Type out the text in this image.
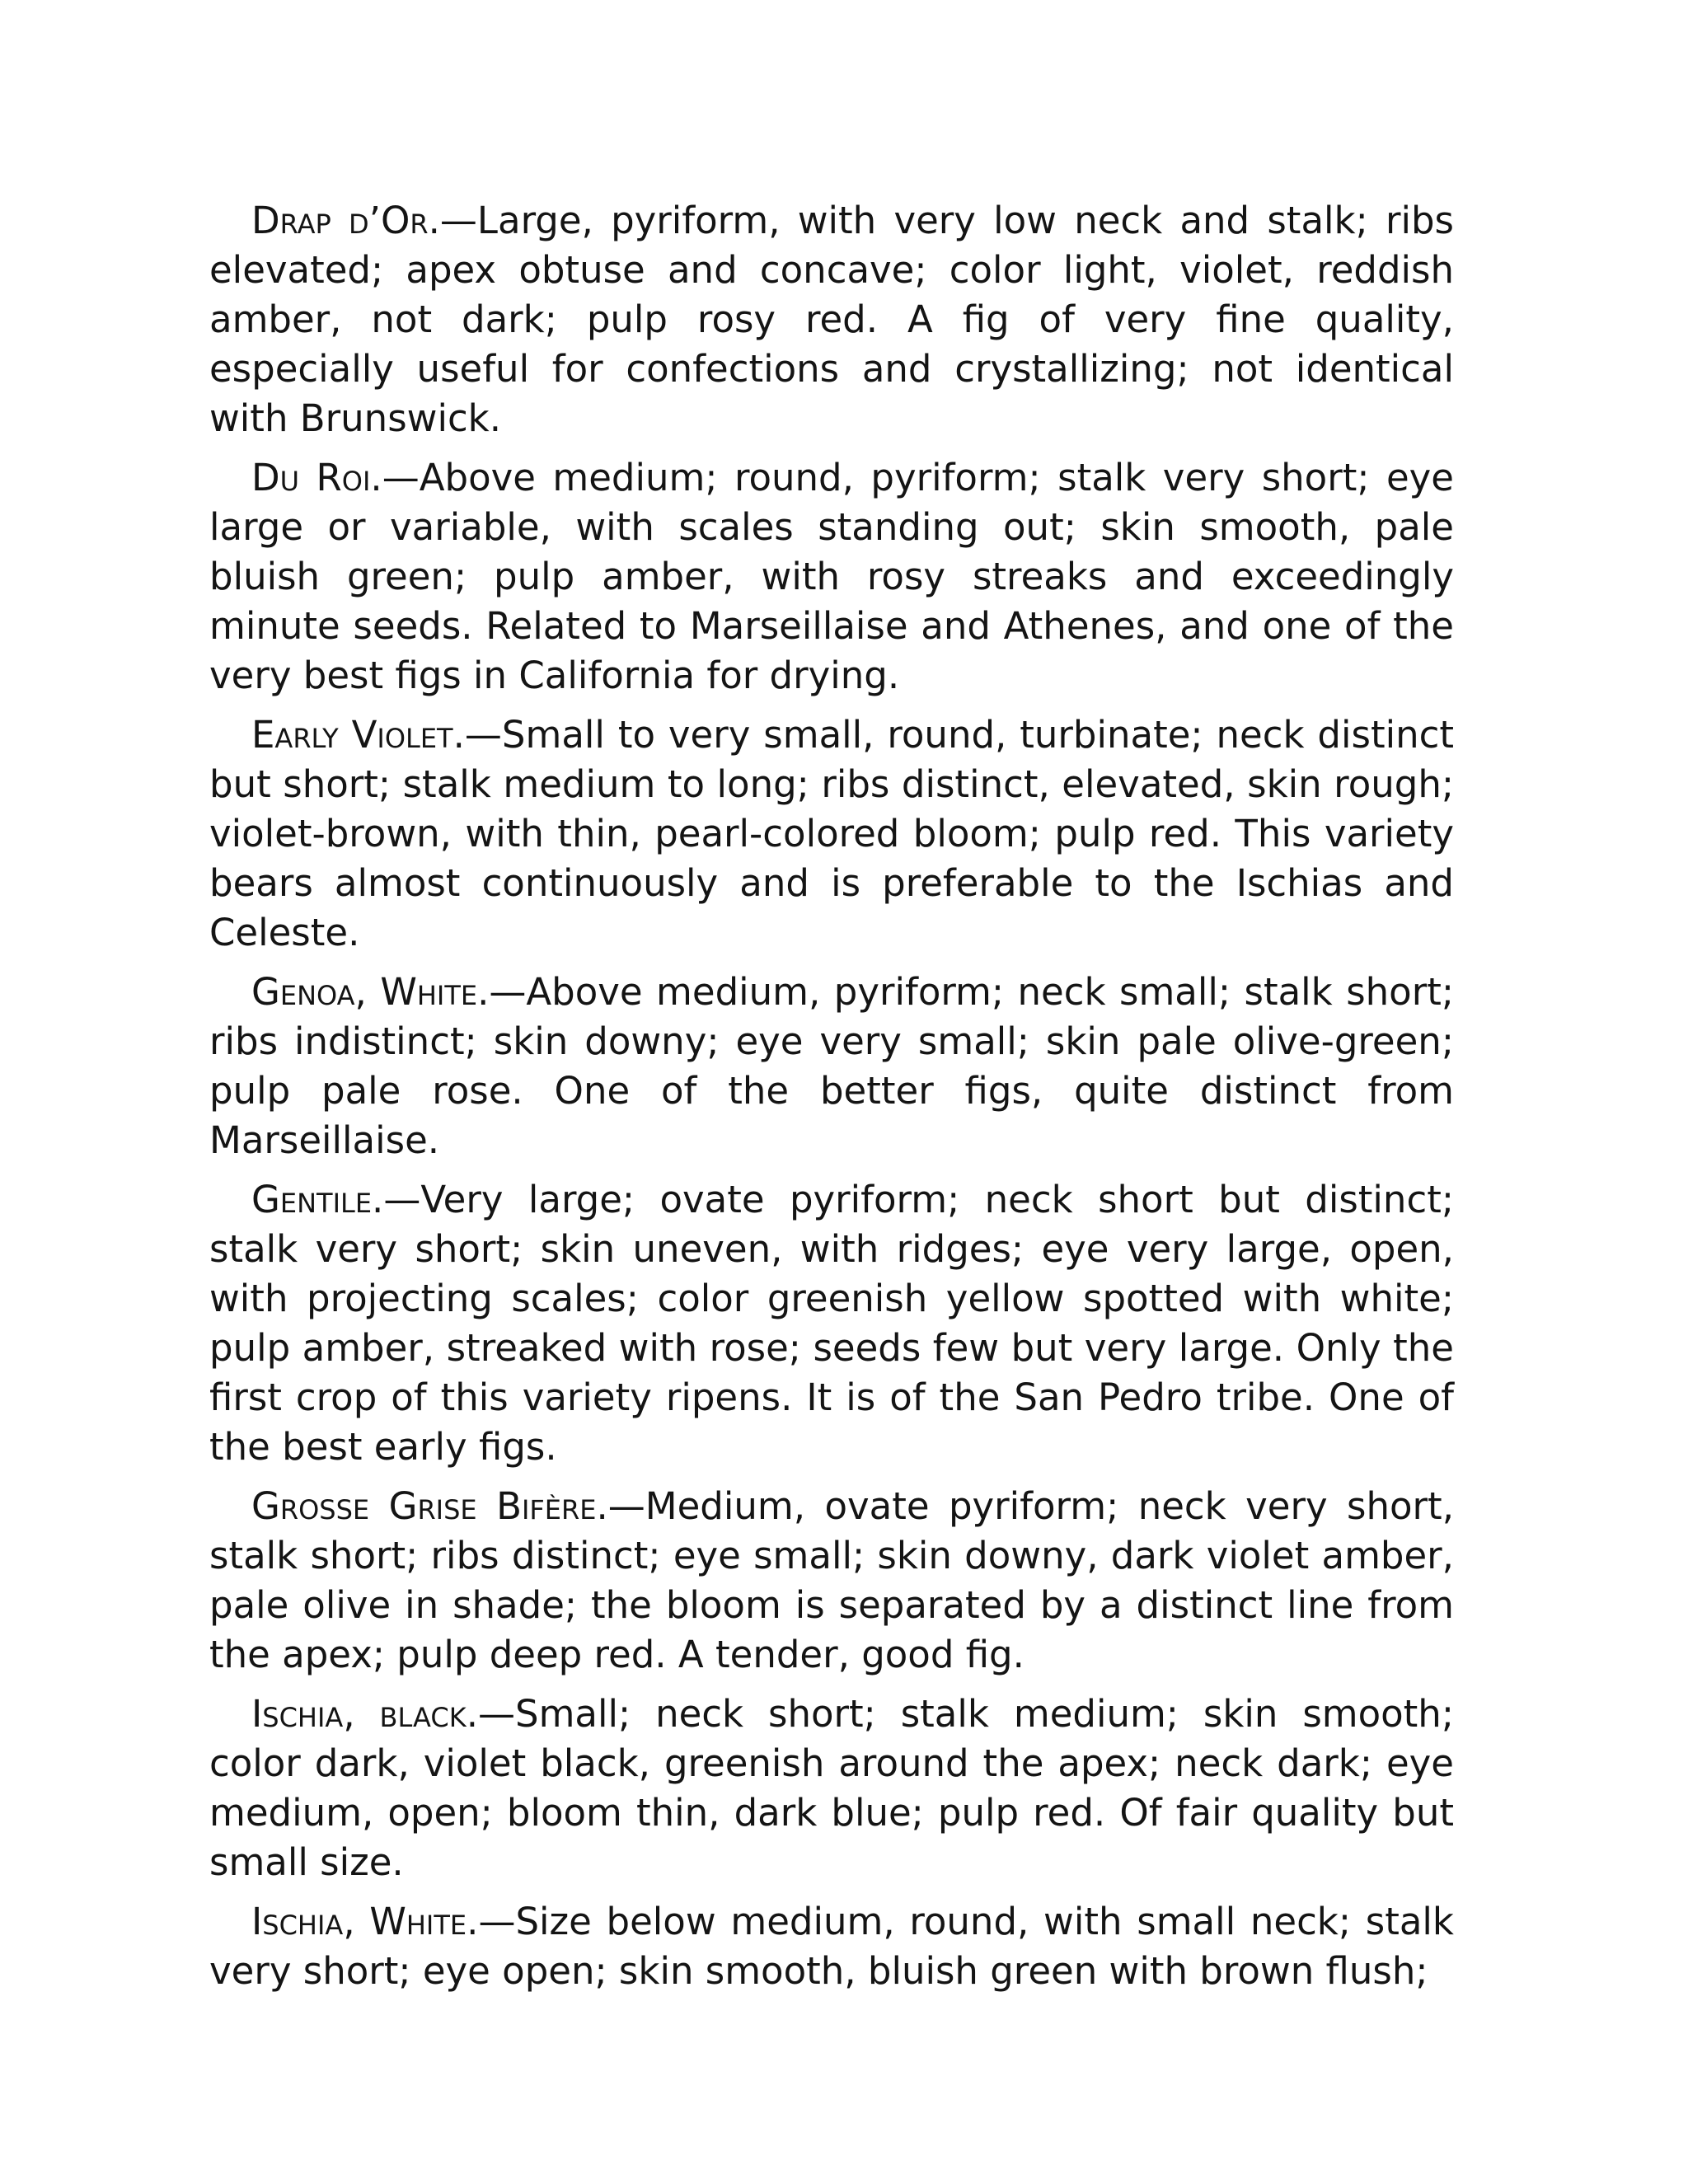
Drap d’Or.—Large, pyriform, with very low neck and stalk; ribs elevated; apex obtuse and concave; color light, violet, reddish amber, not dark; pulp rosy red. A fig of very fine quality, especially useful for confections and crystallizing; not identical with Brunswick.

Du Roi.—Above medium; round, pyriform; stalk very short; eye large or variable, with scales standing out; skin smooth, pale bluish green; pulp amber, with rosy streaks and exceedingly minute seeds. Related to Marseillaise and Athenes, and one of the very best figs in California for drying.

Early Violet.—Small to very small, round, turbinate; neck distinct but short; stalk medium to long; ribs distinct, elevated, skin rough; violet-brown, with thin, pearl-colored bloom; pulp red. This variety bears almost continuously and is preferable to the Ischias and Celeste.

Genoa, White.—Above medium, pyriform; neck small; stalk short; ribs indistinct; skin downy; eye very small; skin pale olive-green; pulp pale rose. One of the better figs, quite distinct from Marseillaise.

Gentile.—Very large; ovate pyriform; neck short but distinct; stalk very short; skin uneven, with ridges; eye very large, open, with projecting scales; color greenish yellow spotted with white; pulp amber, streaked with rose; seeds few but very large. Only the first crop of this variety ripens. It is of the San Pedro tribe. One of the best early figs.

Grosse Grise Bifère.—Medium, ovate pyriform; neck very short, stalk short; ribs distinct; eye small; skin downy, dark violet amber, pale olive in shade; the bloom is separated by a distinct line from the apex; pulp deep red. A tender, good fig.

Ischia, black.—Small; neck short; stalk medium; skin smooth; color dark, violet black, greenish around the apex; neck dark; eye medium, open; bloom thin, dark blue; pulp red. Of fair quality but small size.

Ischia, White.—Size below medium, round, with small neck; stalk very short; eye open; skin smooth, bluish green with brown flush;
